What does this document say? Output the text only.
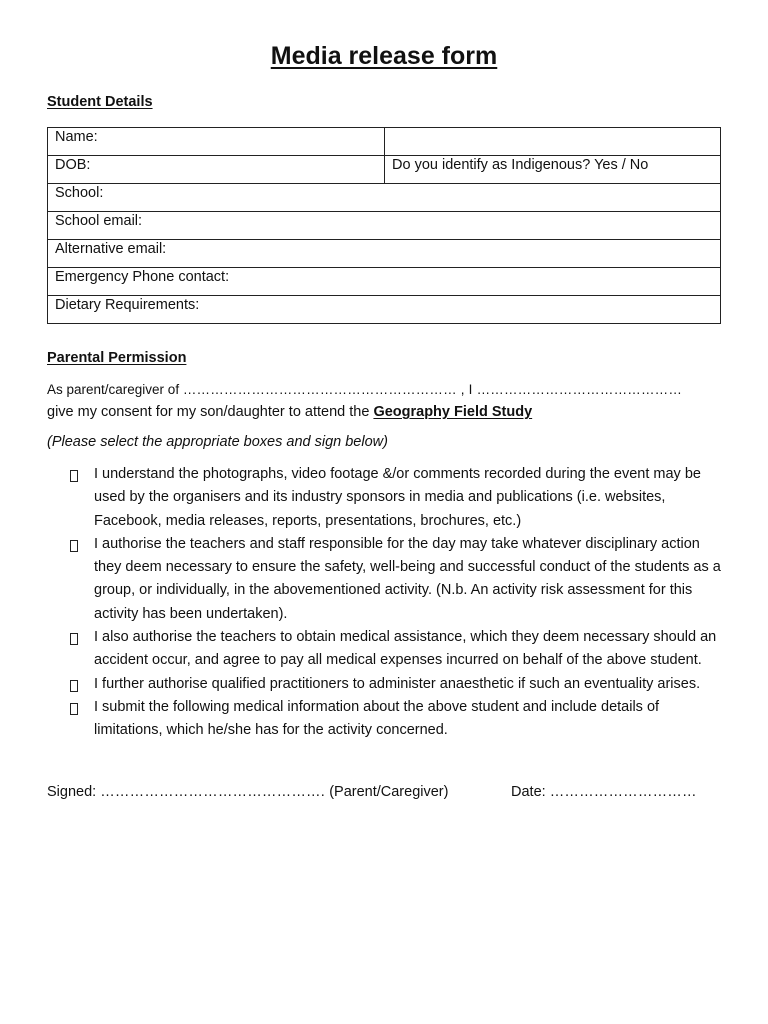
Media release form
Student Details
Name:	
DOB:	Do you identify as Indigenous? Yes / No
School:	
School email:	
Alternative email:	
Emergency Phone contact:	
Dietary Requirements:	
Parental Permission
As parent/caregiver of …………………………………………………… , I ………………………………………
give my consent for my son/daughter to attend the Geography Field Study
(Please select the appropriate boxes and sign below)
I understand the photographs, video footage &/or comments recorded during the event may be used by the organisers and its industry sponsors in media and publications (i.e. websites, Facebook, media releases, reports, presentations, brochures, etc.)
I authorise the teachers and staff responsible for the day may take whatever disciplinary action they deem necessary to ensure the safety, well-being and successful conduct of the students as a group, or individually, in the abovementioned activity. (N.b. An activity risk assessment for this activity has been undertaken).
I also authorise the teachers to obtain medical assistance, which they deem necessary should an accident occur, and agree to pay all medical expenses incurred on behalf of the above student.
I further authorise qualified practitioners to administer anaesthetic if such an eventuality arises.
I submit the following medical information about the above student and include details of limitations, which he/she has for the activity concerned.
Signed: ………………………………………. (Parent/Caregiver)	Date: …………………………
